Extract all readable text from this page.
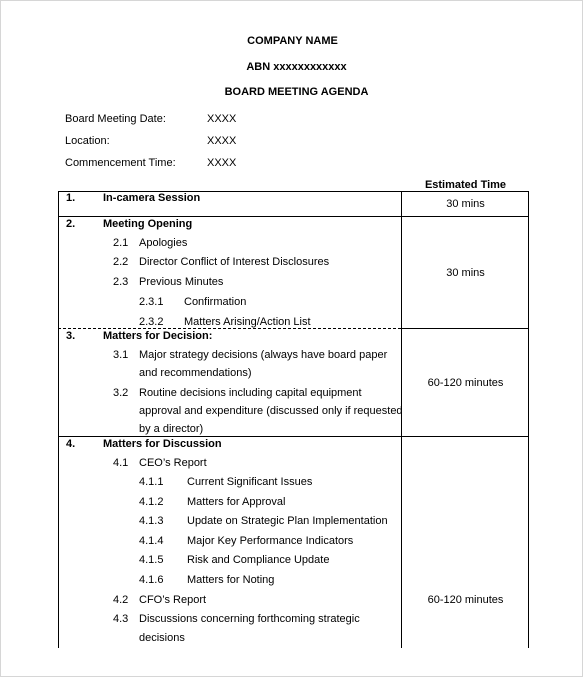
COMPANY NAME
ABN xxxxxxxxxxxx
BOARD MEETING AGENDA
Board Meeting Date:	XXXX
Location:	XXXX
Commencement Time:	XXXX
Estimated Time
1.	In-camera Session	30 mins
2.	Meeting Opening
2.1 Apologies
2.2 Director Conflict of Interest Disclosures
2.3 Previous Minutes
2.3.1 Confirmation
2.3.2 Matters Arising/Action List
30 mins
3.	Matters for Decision:
3.1 Major strategy decisions (always have board paper
and recommendations)
3.2 Routine decisions including capital equipment
approval and expenditure (discussed only if requested
by a director)
60-120 minutes
4.	Matters for Discussion
4.1 CEO’s Report
4.1.1 Current Significant Issues
4.1.2 Matters for Approval
4.1.3 Update on Strategic Plan Implementation
4.1.4 Major Key Performance Indicators
4.1.5 Risk and Compliance Update
4.1.6 Matters for Noting
4.2 CFO’s Report
4.3 Discussions concerning forthcoming strategic
decisions
60-120 minutes
